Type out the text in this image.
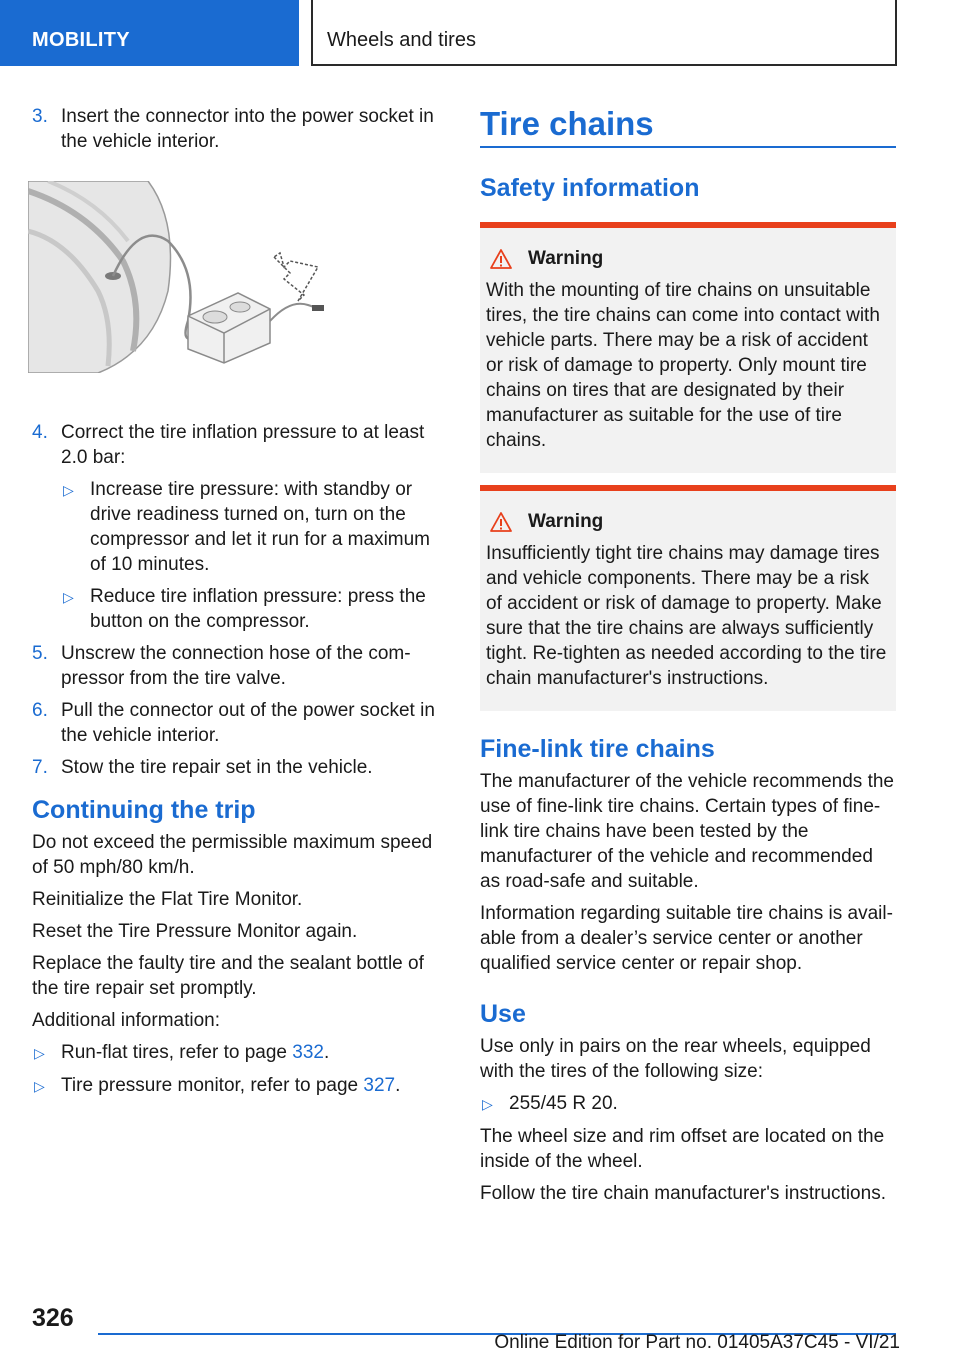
MOBILITY	Wheels and tires
3. Insert the connector into the power socket in the vehicle interior.
4. Correct the tire inflation pressure to at least 2.0 bar:
▷ Increase tire pressure: with standby or drive readiness turned on, turn on the compressor and let it run for a maximum of 10 minutes.
▷ Reduce tire inflation pressure: press the button on the compressor.
5. Unscrew the connection hose of the compressor from the tire valve.
6. Pull the connector out of the power socket in the vehicle interior.
7. Stow the tire repair set in the vehicle.
Continuing the trip
Do not exceed the permissible maximum speed of 50 mph/80 km/h.
Reinitialize the Flat Tire Monitor.
Reset the Tire Pressure Monitor again.
Replace the faulty tire and the sealant bottle of the tire repair set promptly.
Additional information:
▷ Run-flat tires, refer to page 332.
▷ Tire pressure monitor, refer to page 327.
Tire chains
Safety information
Warning
With the mounting of tire chains on unsuitable tires, the tire chains can come into contact with vehicle parts. There may be a risk of accident or risk of damage to property. Only mount tire chains on tires that are designated by their manufacturer as suitable for the use of tire chains.
Warning
Insufficiently tight tire chains may damage tires and vehicle components. There may be a risk of accident or risk of damage to property. Make sure that the tire chains are always sufficiently tight. Re-tighten as needed according to the tire chain manufacturer's instructions.
Fine-link tire chains
The manufacturer of the vehicle recommends the use of fine-link tire chains. Certain types of fine-link tire chains have been tested by the manufacturer of the vehicle and recommended as road-safe and suitable.
Information regarding suitable tire chains is available from a dealer’s service center or another qualified service center or repair shop.
Use
Use only in pairs on the rear wheels, equipped with the tires of the following size:
▷ 255/45 R 20.
The wheel size and rim offset are located on the inside of the wheel.
Follow the tire chain manufacturer's instructions.
326
Online Edition for Part no. 01405A37C45 - VI/21
